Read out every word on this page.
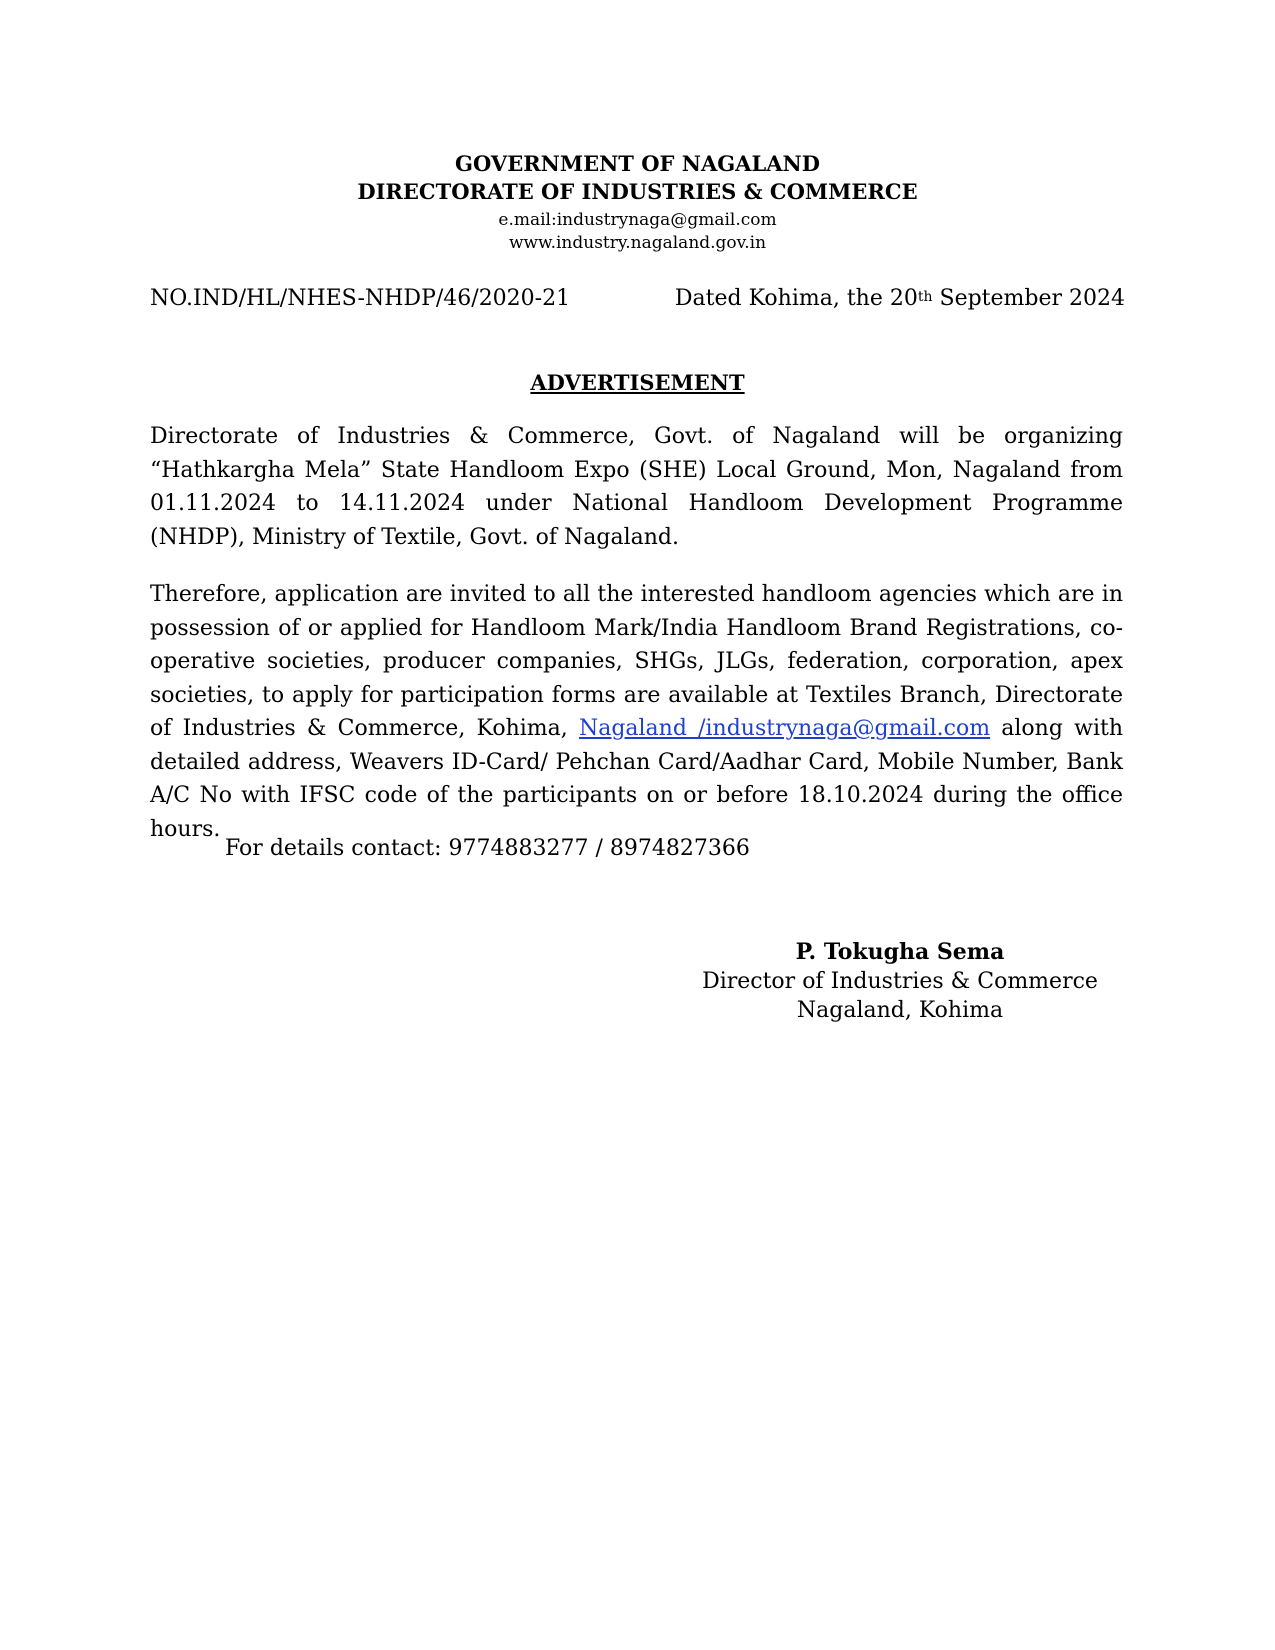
GOVERNMENT OF NAGALAND
DIRECTORATE OF INDUSTRIES & COMMERCE
e.mail:industrynaga@gmail.com
www.industry.nagaland.gov.in
NO.IND/HL/NHES-NHDP/46/2020-21	Dated Kohima, the 20th September 2024
ADVERTISEMENT
Directorate of Industries & Commerce, Govt. of Nagaland will be organizing “Hathkargha Mela” State Handloom Expo (SHE) Local Ground, Mon, Nagaland from 01.11.2024 to 14.11.2024 under National Handloom Development Programme (NHDP), Ministry of Textile, Govt. of Nagaland.
Therefore, application are invited to all the interested handloom agencies which are in possession of or applied for Handloom Mark/India Handloom Brand Registrations, co-operative societies, producer companies, SHGs, JLGs, federation, corporation, apex societies, to apply for participation forms are available at Textiles Branch, Directorate of Industries & Commerce, Kohima, Nagaland /industrynaga@gmail.com along with detailed address, Weavers ID-Card/ Pehchan Card/Aadhar Card, Mobile Number, Bank A/C No with IFSC code of the participants on or before 18.10.2024 during the office hours.
For details contact: 9774883277 / 8974827366
P. Tokugha Sema
Director of Industries & Commerce
Nagaland, Kohima
